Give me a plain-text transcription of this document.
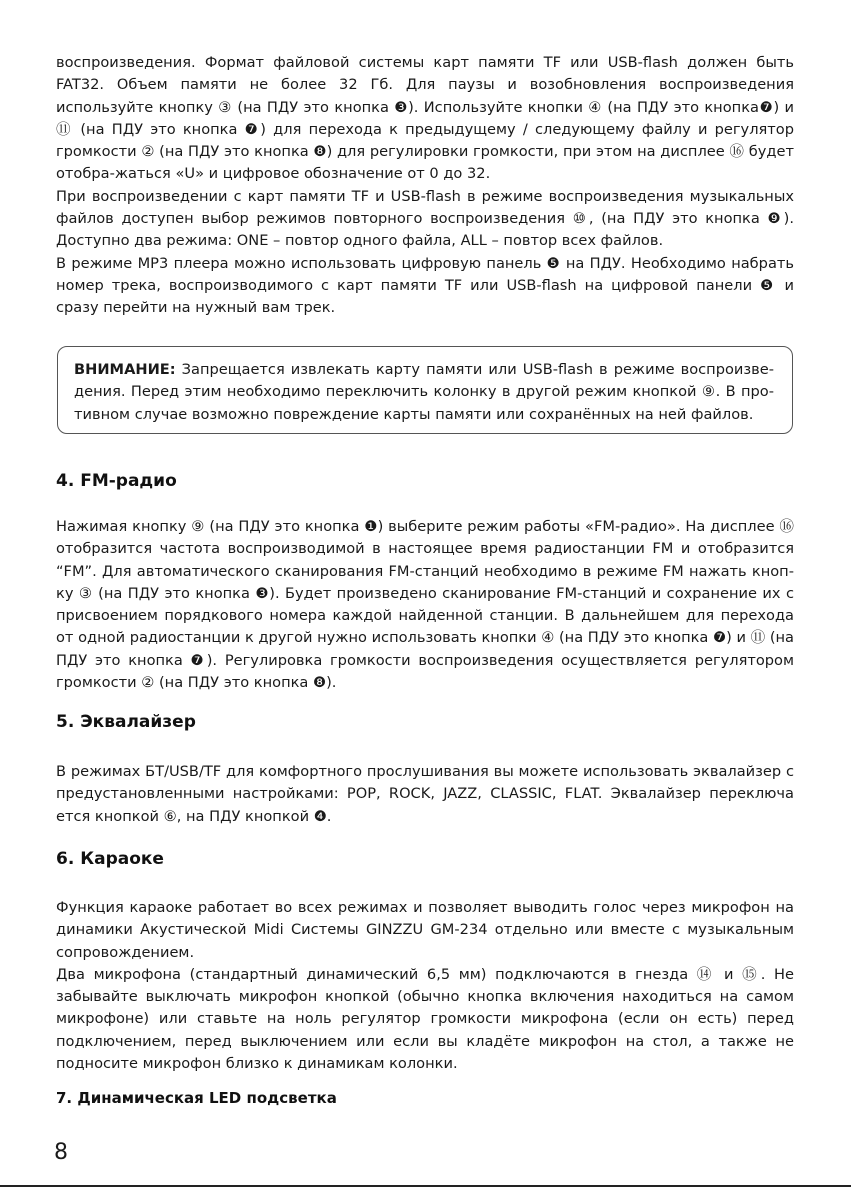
воспроизведения. Формат файловой системы карт памяти TF или USB-flash должен быть FAT32. Объем памяти не более 32 Гб. Для паузы и возобновления воспроизведения используйте кнопку ③ (на ПДУ это кнопка ❸). Используйте кнопки ④ (на ПДУ это кнопка❼) и ⑪ (на ПДУ это кнопка ❼) для перехода к предыдущему / следующему файлу и регулятор громкости ② (на ПДУ это кнопка ❽) для регулировки громкости, при этом на дисплее ⑯ будет отобра-жаться «U» и цифровое обозначение от 0 до 32.

При воспроизведении с карт памяти TF и USB-flash в режиме воспроизведения музыкальных файлов доступен выбор режимов повторного воспроизведения ⑩, (на ПДУ это кнопка ❾). Доступно два режима: ONE – повтор одного файла, ALL – повтор всех файлов.

В режиме MP3 плеера можно использовать цифровую панель ❺ на ПДУ. Необходимо набрать номер трека, воспроизводимого с карт памяти TF или USB-flash на цифровой панели ❺ и сразу перейти на нужный вам трек.

ВНИМАНИЕ: Запрещается извлекать карту памяти или USB-flash в режиме воспроизве-дения. Перед этим необходимо переключить колонку в другой режим кнопкой ⑨. В про-тивном случае возможно повреждение карты памяти или сохранённых на ней файлов.

4. FM-радио

Нажимая кнопку ⑨ (на ПДУ это кнопка ❶) выберите режим работы «FM-радио». На дисплее ⑯ отобразится частота воспроизводимой в настоящее время радиостанции FM и отобразится “FM”. Для автоматического сканирования FM-станций необходимо в режиме FM нажать кноп-ку ③ (на ПДУ это кнопка ❸). Будет произведено сканирование FM-станций и сохранение их с присвоением порядкового номера каждой найденной станции. В дальнейшем для перехода от одной радиостанции к другой нужно использовать кнопки ④ (на ПДУ это кнопка ❼) и ⑪ (на ПДУ это кнопка ❼). Регулировка громкости воспроизведения осуществляется регулятором громкости ② (на ПДУ это кнопка ❽).

5. Эквалайзер

В режимах БТ/USB/TF для комфортного прослушивания вы можете использовать эквалайзер с предустановленными настройками: POP, ROCK, JAZZ, CLASSIC, FLAT. Эквалайзер переключа ется кнопкой ⑥, на ПДУ кнопкой ❹.

6. Караоке

Функция караоке работает во всех режимах и позволяет выводить голос через микрофон на динамики Акустической Midi Системы GINZZU GM-234 отдельно или вместе с музыкальным сопровождением.

Два микрофона (стандартный динамический 6,5 мм) подключаются в гнезда ⑭ и ⑮. Не забывайте выключать микрофон кнопкой (обычно кнопка включения находиться на самом микрофоне) или ставьте на ноль регулятор громкости микрофона (если он есть) перед подключением, перед выключением или если вы кладёте микрофон на стол, а также не подносите микрофон близко к динамикам колонки.

7. Динамическая LED подсветка
8
